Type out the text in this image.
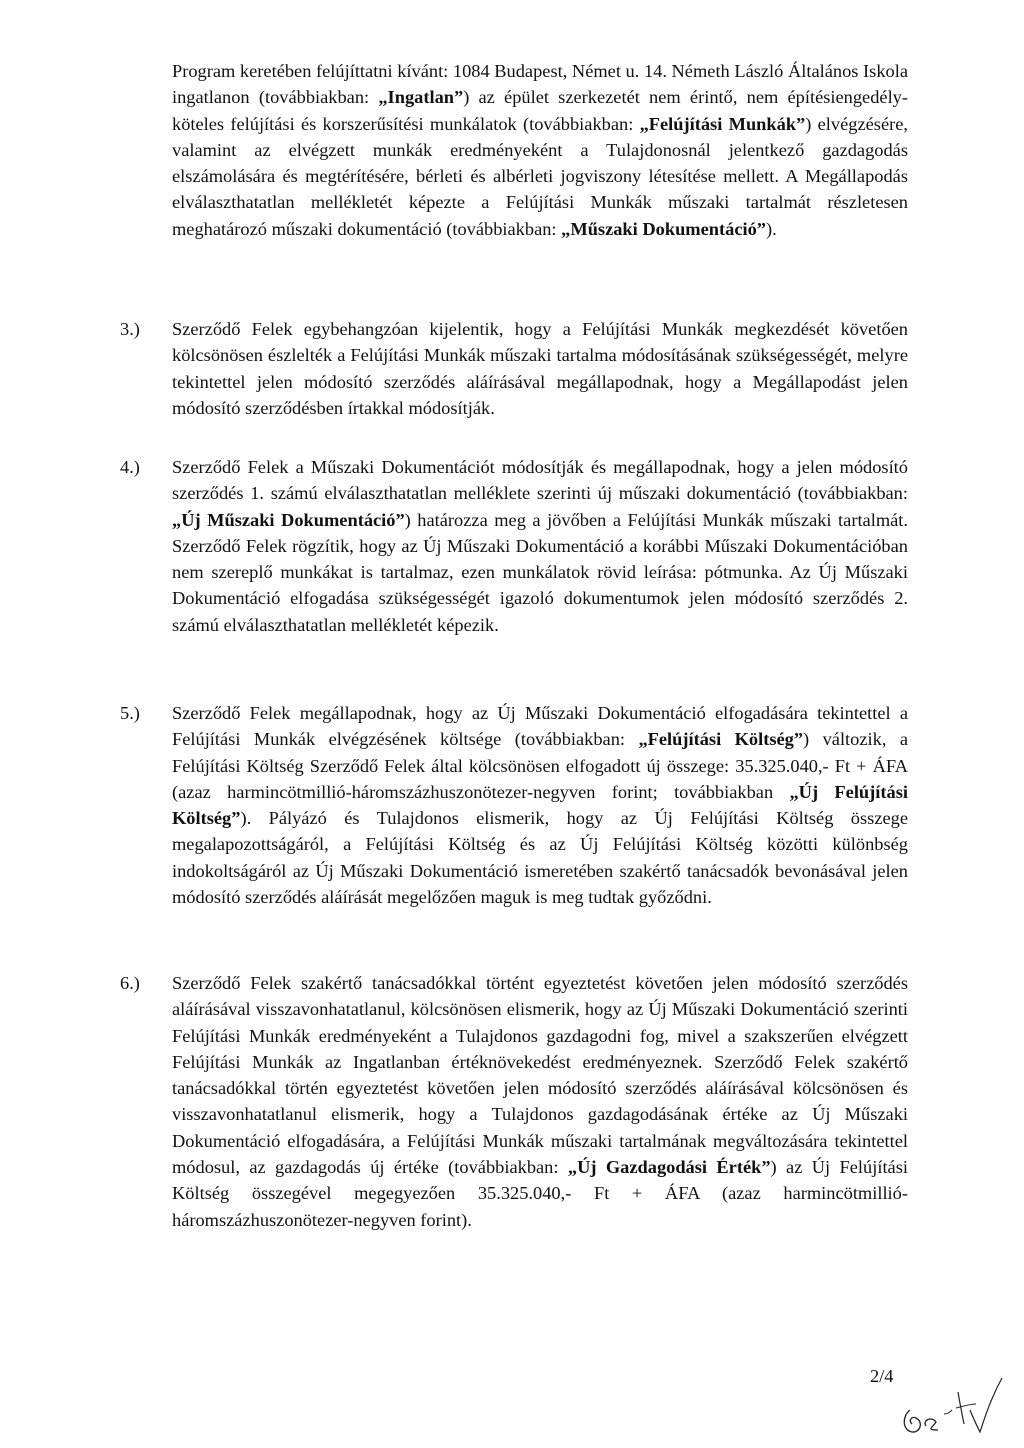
Program keretében felújíttatni kívánt: 1084 Budapest, Német u. 14. Németh László Általános Iskola ingatlanon (továbbiakban: „Ingatlan”) az épület szerkezetét nem érintő, nem építésiengedély-köteles felújítási és korszerűsítési munkálatok (továbbiakban: „Felújítási Munkák”) elvégzésére, valamint az elvégzett munkák eredményeként a Tulajdonosnál jelentkező gazdagodás elszámolására és megtérítésére, bérleti és albérleti jogviszony létesítése mellett. A Megállapodás elválaszthatatlan mellékletét képezte a Felújítási Munkák műszaki tartalmát részletesen meghatározó műszaki dokumentáció (továbbiakban: „Műszaki Dokumentáció”).

3.) Szerződő Felek egybehangzóan kijelentik, hogy a Felújítási Munkák megkezdését követően kölcsönösen észlelték a Felújítási Munkák műszaki tartalma módosításának szükségességét, melyre tekintettel jelen módosító szerződés aláírásával megállapodnak, hogy a Megállapodást jelen módosító szerződésben írtakkal módosítják.

4.) Szerződő Felek a Műszaki Dokumentációt módosítják és megállapodnak, hogy a jelen módosító szerződés 1. számú elválaszthatatlan melléklete szerinti új műszaki dokumentáció (továbbiakban: „Új Műszaki Dokumentáció”) határozza meg a jövőben a Felújítási Munkák műszaki tartalmát. Szerződő Felek rögzítik, hogy az Új Műszaki Dokumentáció a korábbi Műszaki Dokumentációban nem szereplő munkákat is tartalmaz, ezen munkálatok rövid leírása: pótmunka. Az Új Műszaki Dokumentáció elfogadása szükségességét igazoló dokumentumok jelen módosító szerződés 2. számú elválaszthatatlan mellékletét képezik.

5.) Szerződő Felek megállapodnak, hogy az Új Műszaki Dokumentáció elfogadására tekintettel a Felújítási Munkák elvégzésének költsége (továbbiakban: „Felújítási Költség”) változik, a Felújítási Költség Szerződő Felek által kölcsönösen elfogadott új összege: 35.325.040,- Ft + ÁFA (azaz harmincötmillió-háromszázhuszonötezer-negyven forint; továbbiakban „Új Felújítási Költség”). Pályázó és Tulajdonos elismerik, hogy az Új Felújítási Költség összege megalapozottságáról, a Felújítási Költség és az Új Felújítási Költség közötti különbség indokoltságáról az Új Műszaki Dokumentáció ismeretében szakértő tanácsadók bevonásával jelen módosító szerződés aláírását megelőzően maguk is meg tudtak győződni.

6.) Szerződő Felek szakértő tanácsadókkal történt egyeztetést követően jelen módosító szerződés aláírásával visszavonhatatlanul, kölcsönösen elismerik, hogy az Új Műszaki Dokumentáció szerinti Felújítási Munkák eredményeként a Tulajdonos gazdagodni fog, mivel a szakszerűen elvégzett Felújítási Munkák az Ingatlanban értéknövekedést eredményeznek. Szerződő Felek szakértő tanácsadókkal történ egyeztetést követően jelen módosító szerződés aláírásával kölcsönösen és visszavonhatatlanul elismerik, hogy a Tulajdonos gazdagodásának értéke az Új Műszaki Dokumentáció elfogadására, a Felújítási Munkák műszaki tartalmának megváltozására tekintettel módosul, az gazdagodás új értéke (továbbiakban: „Új Gazdagodási Érték”) az Új Felújítási Költség összegével megegyezően 35.325.040,- Ft + ÁFA (azaz harmincötmillió-háromszázhuszonötezer-negyven forint).

2/4
